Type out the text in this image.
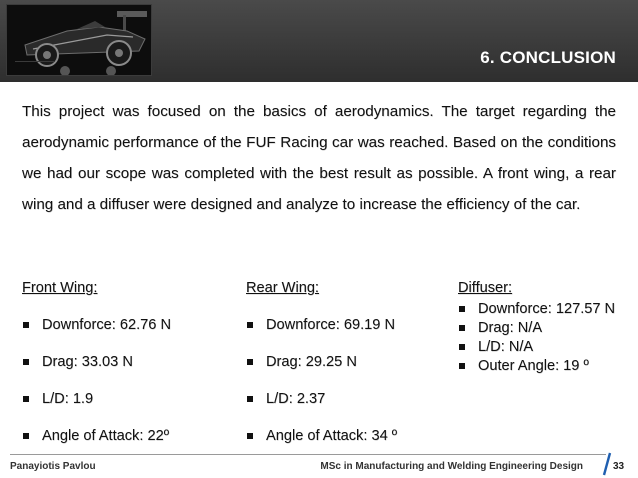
6. CONCLUSION

This project was focused on the basics of aerodynamics. The target regarding the aerodynamic performance of the FUF Racing car was reached. Based on the conditions we had our scope was completed with the best result as possible. A front wing, a rear wing and a diffuser were designed and analyze to increase the efficiency of the car.

Front Wing:
Downforce: 62.76 N
Drag: 33.03 N
L/D: 1.9
Angle of Attack: 22º
Rear Wing:
Downforce: 69.19 N
Drag: 29.25 N
L/D: 2.37
Angle of Attack: 34 º
Diffuser:
Downforce: 127.57 N
Drag: N/A
L/D: N/A
Outer Angle: 19 º
Panayiotis Pavlou	MSc in Manufacturing and Welding Engineering Design	33
